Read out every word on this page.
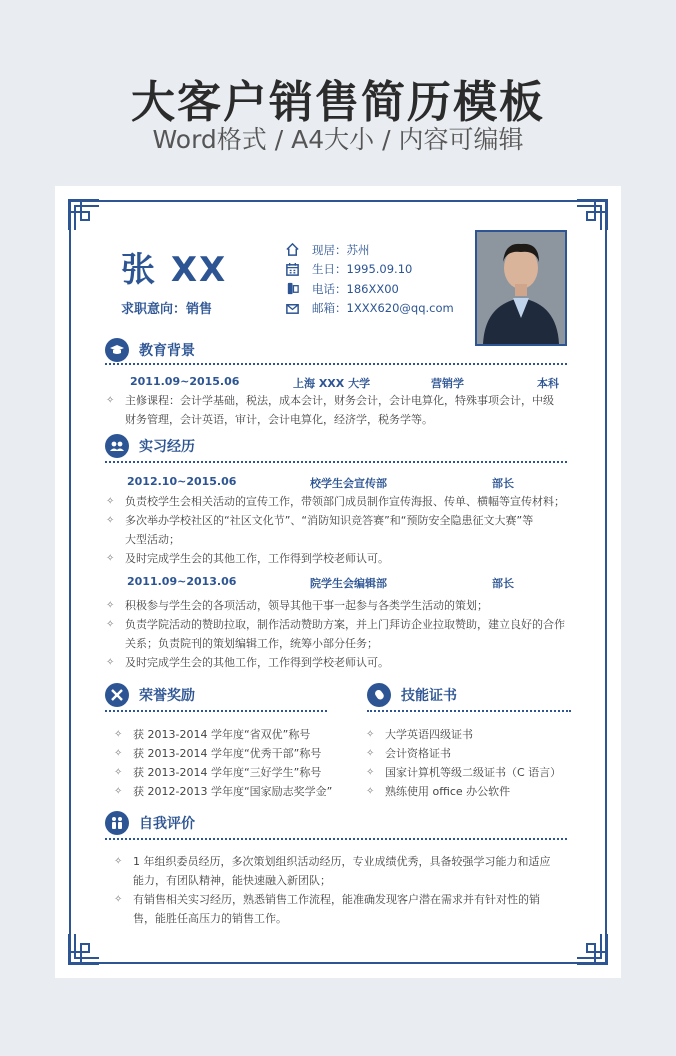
大客户销售简历模板
Word格式 / A4大小 / 内容可编辑
张 XX
求职意向：销售
现居：苏州
生日：1995.09.10
电话：186XX00
邮箱：1XXX620@qq.com
教育背景
2011.09~2015.06	上海 XXX 大学	营销学	本科
✧ 主修课程：会计学基础，税法，成本会计，财务会计，会计电算化，特殊事项会计，中级
财务管理，会计英语，审计，会计电算化，经济学，税务学等。
实习经历
2012.10~2015.06	校学生会宣传部	部长
✧ 负责校学生会相关活动的宣传工作，带领部门成员制作宣传海报、传单、横幅等宣传材料；
✧ 多次举办学校社区的“社区文化节”、“消防知识竞答赛”和“预防安全隐患征文大赛”等
大型活动；
✧ 及时完成学生会的其他工作，工作得到学校老师认可。
2011.09~2013.06	院学生会编辑部	部长
✧ 积极参与学生会的各项活动，领导其他干事一起参与各类学生活动的策划；
✧ 负责学院活动的赞助拉取，制作活动赞助方案，并上门拜访企业拉取赞助，建立良好的合作
关系；负责院刊的策划编辑工作，统筹小部分任务；
✧ 及时完成学生会的其他工作，工作得到学校老师认可。
荣誉奖励
✧ 获 2013-2014 学年度“省双优”称号
✧ 获 2013-2014 学年度“优秀干部”称号
✧ 获 2013-2014 学年度“三好学生”称号
✧ 获 2012-2013 学年度“国家励志奖学金”
技能证书
✧ 大学英语四级证书
✧ 会计资格证书
✧ 国家计算机等级二级证书（C 语言）
✧ 熟练使用 office 办公软件
自我评价
✧ 1 年组织委员经历，多次策划组织活动经历，专业成绩优秀，具备较强学习能力和适应
能力，有团队精神，能快速融入新团队；
✧ 有销售相关实习经历，熟悉销售工作流程，能准确发现客户潜在需求并有针对性的销
售，能胜任高压力的销售工作。
